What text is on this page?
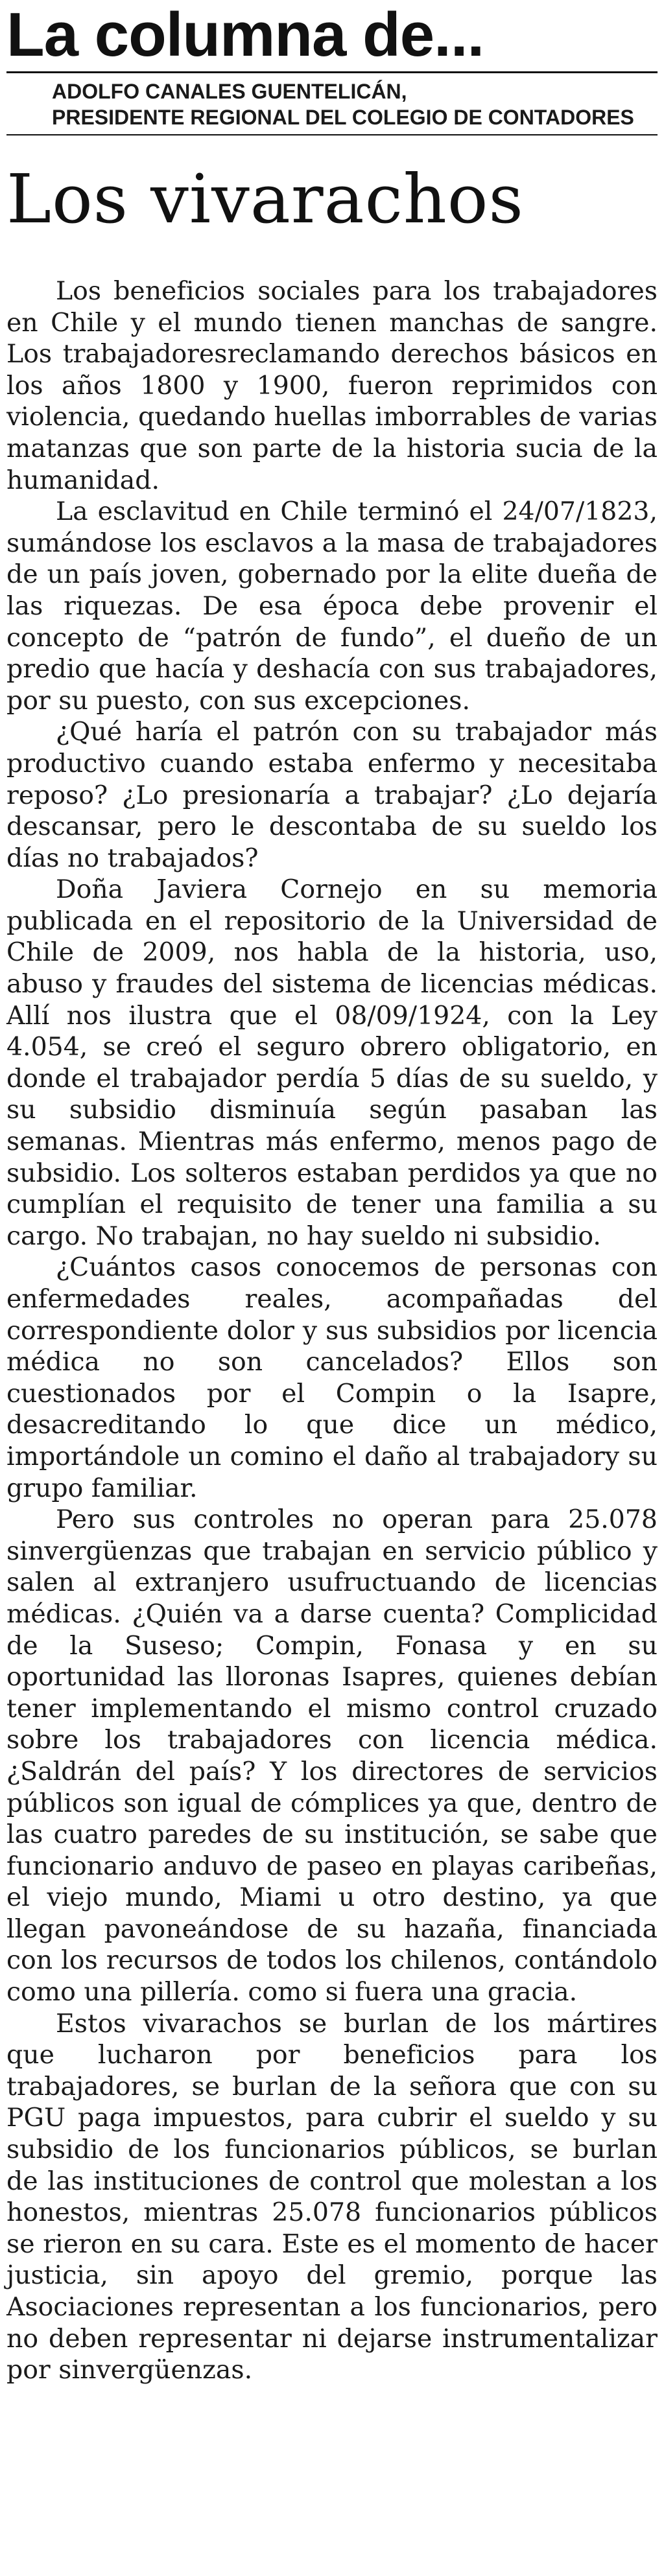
La columna de...
ADOLFO CANALES GUENTELICÁN,
PRESIDENTE REGIONAL DEL COLEGIO DE CONTADORES
Los vivarachos

Los beneficios sociales para los trabajadores en Chile y el mundo tienen manchas de sangre. Los trabajadoresreclamando derechos básicos en los años 1800 y 1900, fueron reprimidos con violencia, quedando huellas imborrables de varias matanzas que son parte de la historia sucia de la humanidad.

La esclavitud en Chile terminó el 24/07/1823, sumándose los esclavos a la masa de trabajadores de un país joven, gobernado por la elite dueña de las riquezas. De esa época debe provenir el concepto de “patrón de fundo”, el dueño de un predio que hacía y deshacía con sus trabajadores, por su puesto, con sus excepciones.

¿Qué haría el patrón con su trabajador más productivo cuando estaba enfermo y necesitaba reposo? ¿Lo presionaría a trabajar? ¿Lo dejaría descansar, pero le descontaba de su sueldo los días no trabajados?

Doña Javiera Cornejo en su memoria publicada en el repositorio de la Universidad de Chile de 2009, nos habla de la historia, uso, abuso y fraudes del sistema de licencias médicas. Allí nos ilustra que el 08/09/1924, con la Ley 4.054, se creó el seguro obrero obligatorio, en donde el trabajador perdía 5 días de su sueldo, y su subsidio disminuía según pasaban las semanas. Mientras más enfermo, menos pago de subsidio. Los solteros estaban perdidos ya que no cumplían el requisito de tener una familia a su cargo. No trabajan, no hay sueldo ni subsidio.

¿Cuántos casos conocemos de personas con enfermedades reales, acompañadas del correspondiente dolor y sus subsidios por licencia médica no son cancelados? Ellos son cuestionados por el Compin o la Isapre, desacreditando lo que dice un médico, importándole un comino el daño al trabajadory su grupo familiar.

Pero sus controles no operan para 25.078 sinvergüenzas que trabajan en servicio público y salen al extranjero usufructuando de licencias médicas. ¿Quién va a darse cuenta? Complicidad de la Suseso; Compin, Fonasa y en su oportunidad las lloronas Isapres, quienes debían tener implementando el mismo control cruzado sobre los trabajadores con licencia médica. ¿Saldrán del país? Y los directores de servicios públicos son igual de cómplices ya que, dentro de las cuatro paredes de su institución, se sabe que funcionario anduvo de paseo en playas caribeñas, el viejo mundo, Miami u otro destino, ya que llegan pavoneándose de su hazaña, financiada con los recursos de todos los chilenos, contándolo como una pillería. como si fuera una gracia.

Estos vivarachos se burlan de los mártires que lucharon por beneficios para los trabajadores, se burlan de la señora que con su PGU paga impuestos, para cubrir el sueldo y su subsidio de los funcionarios públicos, se burlan de las instituciones de control que molestan a los honestos, mientras 25.078 funcionarios públicos se rieron en su cara. Este es el momento de hacer justicia, sin apoyo del gremio, porque las Asociaciones representan a los funcionarios, pero no deben representar ni dejarse instrumentalizar por sinvergüenzas.
